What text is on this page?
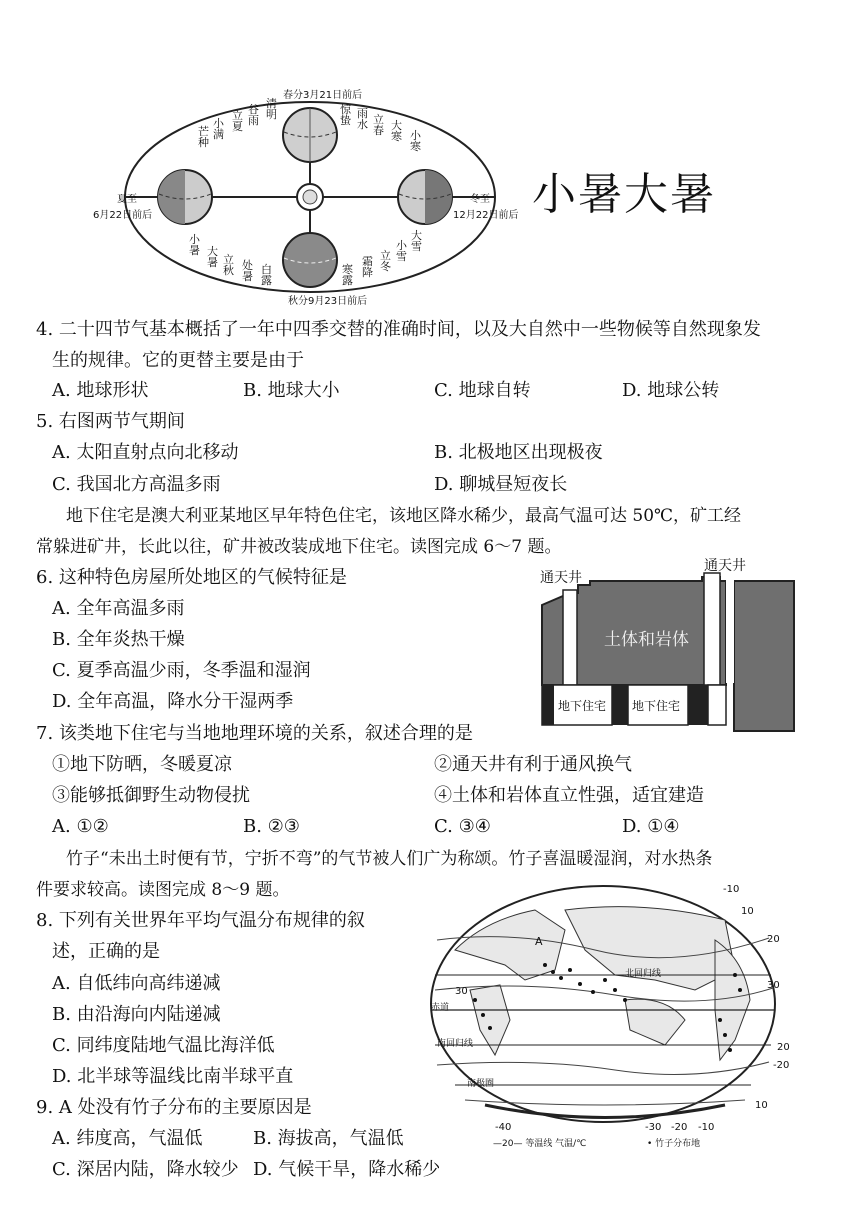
春分3月21日前后
夏至
6月22日前后
冬至
12月22日前后
秋分9月23日前后
芒种
小满
立夏
谷雨
清明	惊蛰
雨水 立春 大寒 小寒
小暑 大暑 立秋 处暑
白露
寒露
霜降
立冬
小雪
大雪
小暑大暑
4. 二十四节气基本概括了一年中四季交替的准确时间，以及大自然中一些物候等自然现象发
生的规律。它的更替主要是由于
A. 地球形状	B. 地球大小	C. 地球自转	D. 地球公转
5. 右图两节气期间
A. 太阳直射点向北移动	B. 北极地区出现极夜
C. 我国北方高温多雨	D. 聊城昼短夜长
地下住宅是澳大利亚某地区早年特色住宅，该地区降水稀少，最高气温可达 50℃，矿工经
常躲进矿井，长此以往，矿井被改装成地下住宅。读图完成 6～7 题。
通天井
通天井
土体和岩体
地下住宅 地下住宅
6. 这种特色房屋所处地区的气候特征是
A. 全年高温多雨
B. 全年炎热干燥
C. 夏季高温少雨，冬季温和湿润
D. 全年高温，降水分干湿两季
7. 该类地下住宅与当地地理环境的关系，叙述合理的是
①地下防晒，冬暖夏凉	②通天井有利于通风换气
③能够抵御野生动物侵扰	④土体和岩体直立性强，适宜建造
A. ①②	B. ②③	C. ③④	D. ①④
竹子“未出土时便有节，宁折不弯”的气节被人们广为称颂。竹子喜温暖湿润，对水热条
件要求较高。读图完成 8～9 题。	-10
10
20
30
20
-20
30
10
北回归线
赤道
南回归线
南极圈
A
-40	-30 -20 -10
—20— 等温线 气温/℃	• 竹子分布地
8. 下列有关世界年平均气温分布规律的叙
述，正确的是
A. 自低纬向高纬递减
B. 由沿海向内陆递减
C. 同纬度陆地气温比海洋低
D. 北半球等温线比南半球平直
9. A 处没有竹子分布的主要原因是
A. 纬度高，气温低	B. 海拔高，气温低
C. 深居内陆，降水较少 D. 气候干旱，降水稀少
